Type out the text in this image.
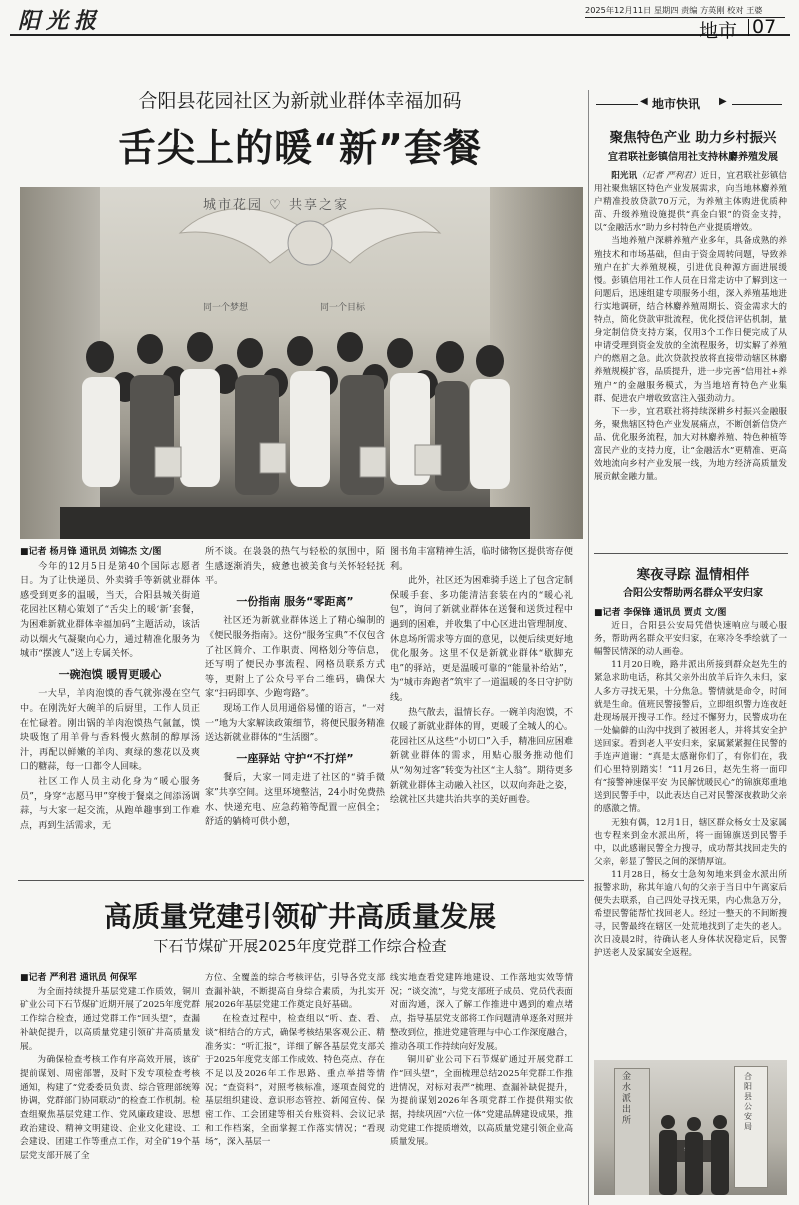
阳光报	2025年12月11日 星期四 责编 方英刚 校对 王婆
地市 07
合阳县花园社区为新就业群体幸福加码
舌尖上的暖“新”套餐
城市花园 ♡ 共享之家
同一个梦想	同一个目标

■记者 杨月锋 通讯员 刘锦杰 文/图

今年的12月5日是第40个国际志愿者日。为了让快递员、外卖骑手等新就业群体感受到更多的温暖，当天，合阳县城关街道花园社区精心策划了“舌尖上的暖‘新’套餐，为困难新就业群体幸福加码”主题活动，该活动以烟火气凝聚向心力，通过精准化服务为城市“摆渡人”送上专属关怀。

一碗泡馍 暖胃更暖心

一大早，羊肉泡馍的香气就弥漫在空气中。在刚洗好大碗羊的后厨里，工作人员正在忙碌着。刚出锅的羊肉泡馍热气氤氲，馍块吸饱了用羊骨与香料慢火熬制的醇厚汤汁，再配以鲜嫩的羊肉、爽绿的葱花以及爽口的糖蒜，每一口都令人回味。

社区工作人员主动化身为“暖心服务员”，身穿“志愿马甲”穿梭于餐桌之间添汤调蒜，与大家一起交流，从跑单趣事到工作难点，再到生活需求，无

所不谈。在袅袅的热气与轻松的氛围中，陌生感逐渐消失，疲惫也被美食与关怀轻轻抚平。

一份指南 服务“零距离”

社区还为新就业群体送上了精心编制的《便民服务指南》。这份“服务宝典”不仅包含了社区简介、工作职责、网格划分等信息，还写明了便民办事流程、网格员联系方式等，更附上了公众号平台二维码，确保大家“扫码即享、少跑弯路”。

现场工作人员用通俗易懂的语言，“一对一”地为大家解读政策细节，将便民服务精准送达新就业群体的“生活圈”。

一座驿站 守护“不打烊”

餐后，大家一同走进了社区的“骑手微家”共享空间。这里环境整洁，24小时免费热水、快递充电、应急药箱等配置一应俱全；舒适的躺椅可供小憩，

图书角丰富精神生活，临时储物区提供寄存便利。

此外，社区还为困难骑手送上了包含定制保暖手套、多功能清洁套装在内的“暖心礼包”，询问了新就业群体在送餐和送货过程中遇到的困难，并收集了中心区进出管理制度、休息场所需求等方面的意见，以便后续更好地优化服务。这里不仅是新就业群体“歇脚充电”的驿站，更是温暖可靠的“能量补给站”，为“城市奔跑者”筑牢了一道温暖的冬日守护防线。

热气散去，温情长存。一碗羊肉泡馍，不仅暖了新就业群体的胃，更暖了全城人的心。花园社区从这些“小切口”入手，精准回应困难新就业群体的需求，用贴心服务推动他们从“匆匆过客”转变为社区“主人翁”。期待更多新就业群体主动融入社区，以双向奔赴之姿，绘就社区共建共治共享的美好画卷。

高质量党建引领矿井高质量发展
下石节煤矿开展2025年度党群工作综合检查

■记者 严利君 通讯员 何保军

为全面持续提升基层党建工作质效，铜川矿业公司下石节煤矿近期开展了2025年度党群工作综合检查，通过党群工作“回头望”，查漏补缺促提升，以高质量党建引领矿井高质量发展。

为确保检查考核工作有序高效开展，该矿提前谋划、周密部署，及时下发专项检查考核通知，构建了“党委委员负责、综合管理部统筹协调，党群部门协同联动”的检查工作机制。检查组聚焦基层党建工作、党风廉政建设、思想政治建设、精神文明建设、企业文化建设、工会建设、团建工作等重点工作，对全矿19个基层党支部开展了全

方位、全覆盖的综合考核评估，引导各党支部查漏补缺，不断提高自身综合素质，为扎实开展2026年基层党建工作奠定良好基础。

在检查过程中，检查组以“听、查、看、谈”相结合的方式，确保考核结果客观公正、精准务实：“听汇报”，详细了解各基层党支部关于2025年度党支部工作成效、特色亮点、存在不足以及2026年工作思路、重点举措等情况；“查资料”，对照考核标准，逐项查阅党的基层组织建设、意识形态管控、新闻宣传、保密工作、工会团建等相关台账资料、会议记录和工作档案，全面掌握工作落实情况；“看现场”，深入基层一

线实地查看党建阵地建设、工作落地实效等情况；“谈交流”，与党支部班子成员、党员代表面对面沟通，深入了解工作推进中遇到的难点堵点，指导基层党支部将工作问题清单逐条对照并整改到位，推进党建管理与中心工作深度融合，推动各项工作持续向好发展。

铜川矿业公司下石节煤矿通过开展党群工作“回头望”，全面梳理总结2025年党群工作推进情况，对标对表严“梳理、查漏补缺促提升，为提前谋划2026年各项党群工作提供翔实依据，持续巩固“六位一体”党建品牌建设成果，推动党建工作提质增效，以高质量党建引领企业高质量发展。

◀ 地市快讯 ▶
聚焦特色产业 助力乡村振兴
宜君联社彭镇信用社支持林麝养殖发展

阳光讯（记者 严利君）近日，宜君联社彭镇信用社聚焦辖区特色产业发展需求，向当地林麝养殖户精准投放贷款70万元，为养殖主体购进优质种苗、升级养殖设施提供“真金白银”的资金支持，以“金融活水”助力乡村特色产业提质增效。

当地养殖户深耕养殖产业多年，具备成熟的养殖技术和市场基础，但由于资金周转问题，导致养殖户在扩大养殖规模，引进优良种源方面进展缓慢。彭镇信用社工作人员在日常走访中了解到这一问题后，迅速组建专项服务小组，深入养殖基地进行实地调研，结合林麝养殖周期长、资金需求大的特点，简化贷款审批流程，优化授信评估机制，量身定制信贷支持方案，仅用3个工作日便完成了从申请受理到资金发放的全流程服务，切实解了养殖户的燃眉之急。此次贷款投放将直接带动辖区林麝养殖规模扩容，品质提升，进一步完善“信用社+养殖户”的金融服务模式，为当地培育特色产业集群、促进农户增收致富注入强劲动力。

下一步，宜君联社将持续深耕乡村振兴金融服务，聚焦辖区特色产业发展痛点，不断创新信贷产品、优化服务流程，加大对林麝养殖、特色种植等富民产业的支持力度，让“金融活水”更精准、更高效地流向乡村产业发展一线，为地方经济高质量发展贡献金融力量。

寒夜寻踪 温情相伴
合阳公安帮助两名群众平安归家

■记者 李保锋 通讯员 贾贞 文/图

近日，合阳县公安局凭借快速响应与暖心服务，帮助两名群众平安归家，在寒冷冬季绘就了一幅警民情深的动人画卷。

11月20日晚，路井派出所接到群众赵先生的紧急求助电话，称其父亲外出放羊后许久未归，家人多方寻找无果，十分焦急。警情就是命令，时间就是生命。值班民警接警后，立即组织警力连夜赶赴现场展开搜寻工作。经过不懈努力，民警成功在一处偏僻的山沟中找到了被困老人，并将其安全护送回家。看到老人平安归来，家属紧紧握住民警的手连声道谢：“真是太感谢你们了，有你们在，我们心里特别踏实！”11月26日，赵先生将一面印有“接警神速保平安 为民解忧暖民心”的锦旗郑重地送到民警手中，以此表达自己对民警深夜救助父亲的感激之情。

无独有偶，12月1日，辖区群众杨女士及家属也专程来到金水派出所，将一面锦旗送到民警手中，以此感谢民警全力搜寻，成功帮其找回走失的父亲，彰显了警民之间的深情厚谊。

11月28日，杨女士急匆匆地来到金水派出所报警求助，称其年逾八旬的父亲于当日中午离家后便失去联系，自己四处寻找无果，内心焦急万分，希望民警能帮忙找回老人。经过一整天的不间断搜寻，民警最终在辖区一处荒地找到了走失的老人。次日凌晨2时，待确认老人身体状况稳定后，民警护送老人及家属安全返程。

金水派出所
合阳县公安局
